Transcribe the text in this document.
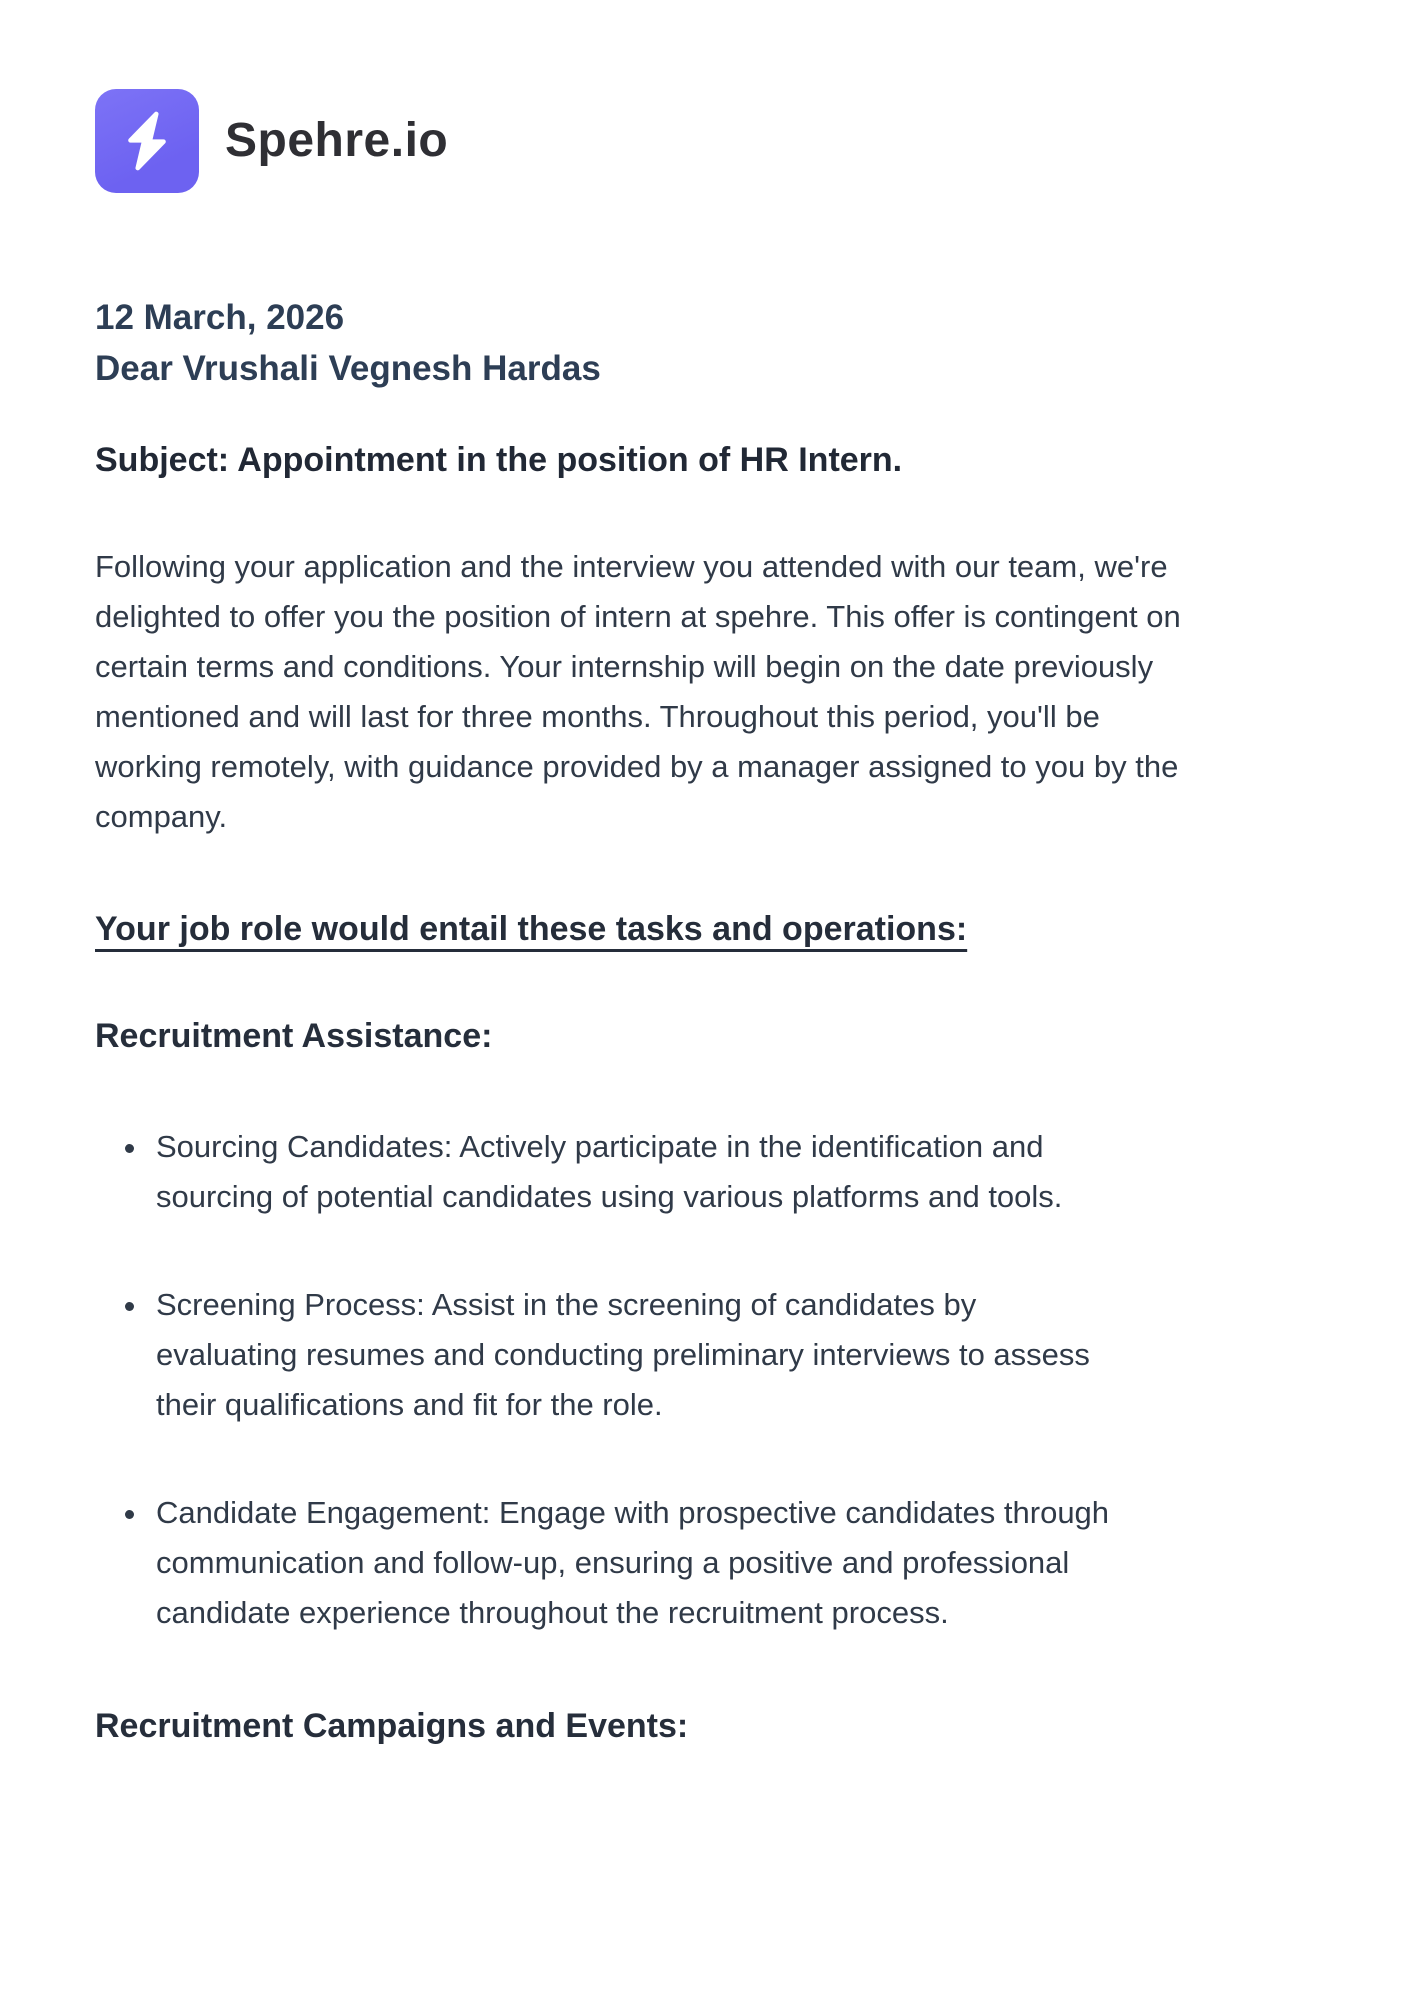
Spehre.io
12 March, 2026
Dear Vrushali Vegnesh Hardas
Subject: Appointment in the position of HR Intern.

Following your application and the interview you attended with our team, we're delighted to offer you the position of intern at spehre. This offer is contingent on certain terms and conditions. Your internship will begin on the date previously mentioned and will last for three months. Throughout this period, you'll be working remotely, with guidance provided by a manager assigned to you by the company.

Your job role would entail these tasks and operations:
Recruitment Assistance:
• Sourcing Candidates: Actively participate in the identification and sourcing of potential candidates using various platforms and tools.
• Screening Process: Assist in the screening of candidates by evaluating resumes and conducting preliminary interviews to assess their qualifications and fit for the role.
• Candidate Engagement: Engage with prospective candidates through communication and follow-up, ensuring a positive and professional candidate experience throughout the recruitment process.
Recruitment Campaigns and Events:
